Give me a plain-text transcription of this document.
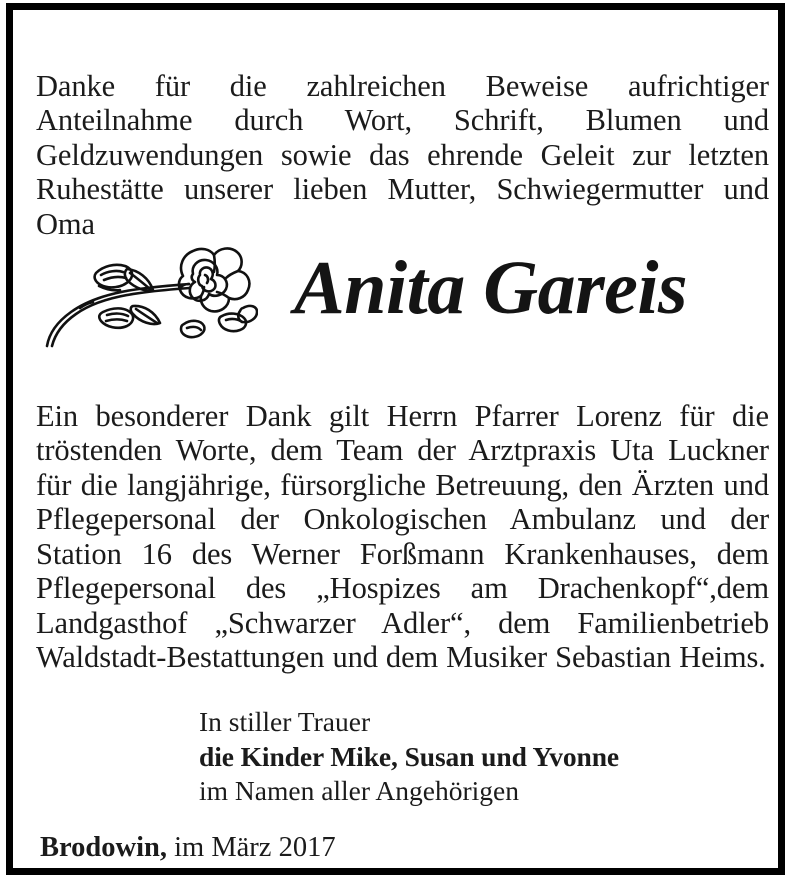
Danke für die zahlreichen Beweise aufrichtiger Anteilnahme durch Wort, Schrift, Blumen und Geldzuwendungen sowie das ehrende Geleit zur letzten Ruhestätte unserer lieben Mutter, Schwiegermutter und Oma

Anita Gareis

Ein besonderer Dank gilt Herrn Pfarrer Lorenz für die tröstenden Worte, dem Team der Arztpraxis Uta Luckner für die langjährige, fürsorgliche Betreuung, den Ärzten und Pflegepersonal der Onkologischen Ambulanz und der Station 16 des Werner Forßmann Krankenhauses, dem Pflegepersonal des „Hospizes am Drachenkopf“,dem Landgasthof „Schwarzer Adler“, dem Familienbetrieb Waldstadt-Bestattungen und dem Musiker Sebastian Heims.

In stiller Trauer
die Kinder Mike, Susan und Yvonne
im Namen aller Angehörigen
Brodowin, im März 2017
